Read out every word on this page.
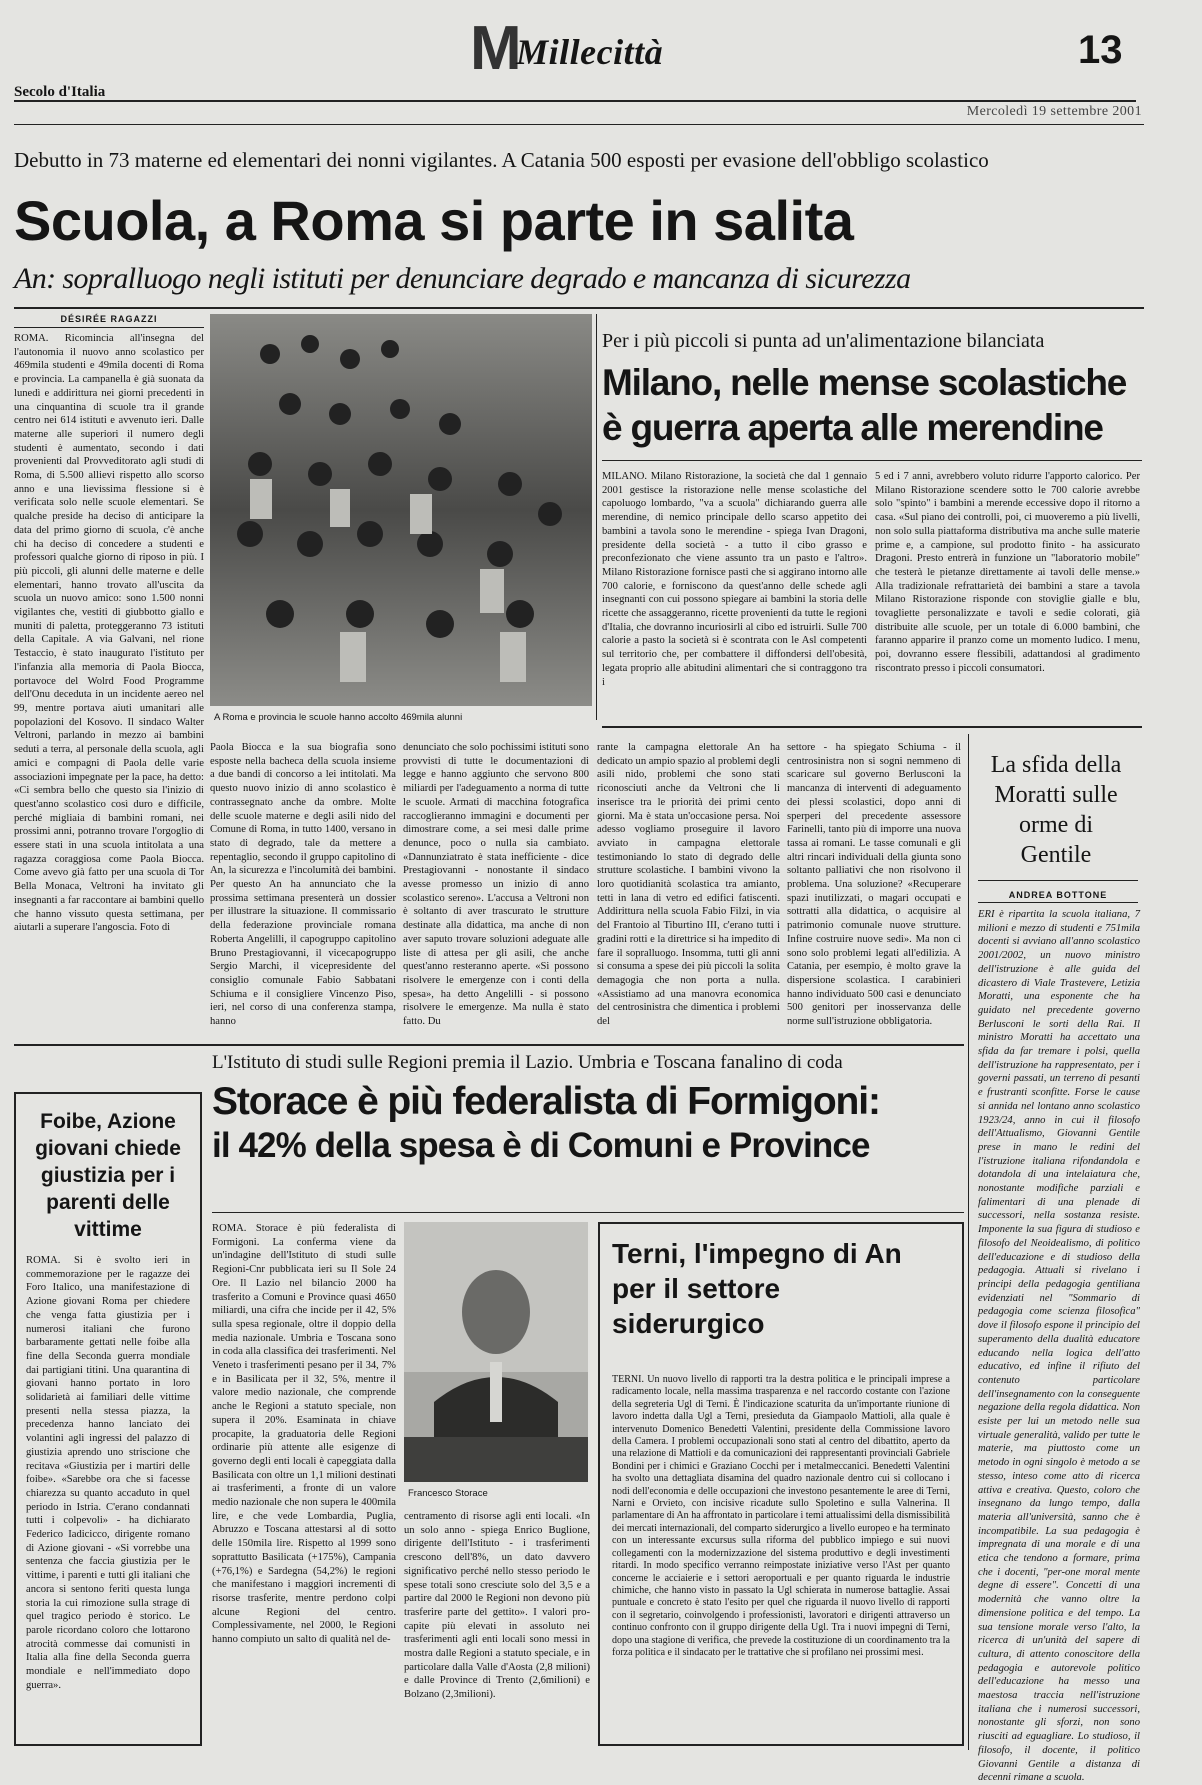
MMillecittà	13
Secolo d'Italia
Mercoledì 19 settembre 2001
Debutto in 73 materne ed elementari dei nonni vigilantes. A Catania 500 esposti per evasione dell'obbligo scolastico
Scuola, a Roma si parte in salita
An: sopralluogo negli istituti per denunciare degrado e mancanza di sicurezza
DÉSIRÉE RAGAZZI
ROMA. Ricomincia all'insegna del l'autonomia il nuovo anno scolastico per 469mila studenti e 49mila docenti di Roma e provincia. La campanella è già suonata da lunedì e addirittura nei giorni precedenti in una cinquantina di scuole tra il grande centro nei 614 istituti e avvenuto ieri. Dalle materne alle superiori il numero degli studenti è aumentato, secondo i dati provenienti dal Provveditorato agli studi di Roma, di 5.500 allievi rispetto allo scorso anno e una lievissima flessione si è verificata solo nelle scuole elementari. Se qualche preside ha deciso di anticipare la data del primo giorno di scuola, c'è anche chi ha deciso di concedere a studenti e professori qualche giorno di riposo in più. I più piccoli, gli alunni delle materne e delle elementari, hanno trovato all'uscita da scuola un nuovo amico: sono 1.500 nonni vigilantes che, vestiti di giubbotto giallo e muniti di paletta, proteggeranno 73 istituti della Capitale. A via Galvani, nel rione Testaccio, è stato inaugurato l'istituto per l'infanzia alla memoria di Paola Biocca, portavoce del Wolrd Food Programme dell'Onu deceduta in un incidente aereo nel 99, mentre portava aiuti umanitari alle popolazioni del Kosovo. Il sindaco Walter Veltroni, parlando in mezzo ai bambini seduti a terra, al personale della scuola, agli amici e compagni di Paola delle varie associazioni impegnate per la pace, ha detto: «Ci sembra bello che questo sia l'inizio di quest'anno scolastico così duro e difficile, perché migliaia di bambini romani, nei prossimi anni, potranno trovare l'orgoglio di essere stati in una scuola intitolata a una ragazza coraggiosa come Paola Biocca. Come avevo già fatto per una scuola di Tor Bella Monaca, Veltroni ha invitato gli insegnanti a far raccontare ai bambini quello che hanno vissuto questa settimana, per aiutarli a superare l'angoscia. Foto di
A Roma e provincia le scuole hanno accolto 469mila alunni
Paola Biocca e la sua biografia sono esposte nella bacheca della scuola insieme a due bandi di concorso a lei intitolati. Ma questo nuovo inizio di anno scolastico è contrassegnato anche da ombre. Molte delle scuole materne e degli asili nido del Comune di Roma, in tutto 1400, versano in stato di degrado, tale da mettere a repentaglio, secondo il gruppo capitolino di An, la sicurezza e l'incolumità dei bambini. Per questo An ha annunciato che la prossima settimana presenterà un dossier per illustrare la situazione. Il commissario della federazione provinciale romana Roberta Angelilli, il capogruppo capitolino Bruno Prestagiovanni, il vicecapogruppo Sergio Marchi, il vicepresidente del consiglio comunale Fabio Sabbatani Schiuma e il consigliere Vincenzo Piso, ieri, nel corso di una conferenza stampa, hanno
denunciato che solo pochissimi istituti sono provvisti di tutte le documentazioni di legge e hanno aggiunto che servono 800 miliardi per l'adeguamento a norma di tutte le scuole. Armati di macchina fotografica raccoglieranno immagini e documenti per dimostrare come, a sei mesi dalle prime denunce, poco o nulla sia cambiato. «Dannunziatrato è stata inefficiente - dice Prestagiovanni - nonostante il sindaco avesse promesso un inizio di anno scolastico sereno». L'accusa a Veltroni non è soltanto di aver trascurato le strutture destinate alla didattica, ma anche di non aver saputo trovare soluzioni adeguate alle liste di attesa per gli asili, che anche quest'anno resteranno aperte. «Si possono risolvere le emergenze con i conti della spesa», ha detto Angelilli - si possono risolvere le emergenze. Ma nulla è stato fatto. Du
rante la campagna elettorale An ha dedicato un ampio spazio al problemi degli asili nido, problemi che sono stati riconosciuti anche da Veltroni che li inserisce tra le priorità dei primi cento giorni. Ma è stata un'occasione persa. Noi adesso vogliamo proseguire il lavoro avviato in campagna elettorale testimoniando lo stato di degrado delle strutture scolastiche. I bambini vivono la loro quotidianità scolastica tra amianto, tetti in lana di vetro ed edifici fatiscenti. Addirittura nella scuola Fabio Filzi, in via del Frantoio al Tiburtino III, c'erano tutti i gradini rotti e la direttrice si ha impedito di fare il sopralluogo. Insomma, tutti gli anni si consuma a spese dei più piccoli la solita demagogia che non porta a nulla. «Assistiamo ad una manovra economica del centrosinistra che dimentica i problemi del
settore - ha spiegato Schiuma - il centrosinistra non si sogni nemmeno di scaricare sul governo Berlusconi la mancanza di interventi di adeguamento dei plessi scolastici, dopo anni di sperperi del precedente assessore Farinelli, tanto più di imporre una nuova tassa ai romani. Le tasse comunali e gli altri rincari individuali della giunta sono soltanto palliativi che non risolvono il problema. Una soluzione? «Recuperare spazi inutilizzati, o magari occupati e sottratti alla didattica, o acquisire al patrimonio comunale nuove strutture. Infine costruire nuove sedi». Ma non ci sono solo problemi legati all'edilizia. A Catania, per esempio, è molto grave la dispersione scolastica. I carabinieri hanno individuato 500 casi e denunciato 500 genitori per inosservanza delle norme sull'istruzione obbligatoria.
Per i più piccoli si punta ad un'alimentazione bilanciata
Milano, nelle mense scolastiche è guerra aperta alle merendine
MILANO. Milano Ristorazione, la società che dal 1 gennaio 2001 gestisce la ristorazione nelle mense scolastiche del capoluogo lombardo, "va a scuola" dichiarando guerra alle merendine, di nemico principale dello scarso appetito dei bambini a tavola sono le merendine - spiega Ivan Dragoni, presidente della società - a tutto il cibo grasso e preconfezionato che viene assunto tra un pasto e l'altro». Milano Ristorazione fornisce pasti che si aggirano intorno alle 700 calorie, e forniscono da quest'anno delle schede agli insegnanti con cui possono spiegare ai bambini la storia delle ricette che assaggeranno, ricette provenienti da tutte le regioni d'Italia, che dovranno incuriosirli al cibo ed istruirli. Sulle 700 calorie a pasto la società si è scontrata con le Asl competenti sul territorio che, per combattere il diffondersi dell'obesità, legata proprio alle abitudini alimentari che si contraggono tra i
5 ed i 7 anni, avrebbero voluto ridurre l'apporto calorico. Per Milano Ristorazione scendere sotto le 700 calorie avrebbe solo "spinto" i bambini a merende eccessive dopo il ritorno a casa. «Sul piano dei controlli, poi, ci muoveremo a più livelli, non solo sulla piattaforma distributiva ma anche sulle materie prime e, a campione, sul prodotto finito - ha assicurato Dragoni. Presto entrerà in funzione un "laboratorio mobile" che testerà le pietanze direttamente ai tavoli delle mense.» Alla tradizionale refrattarietà dei bambini a stare a tavola Milano Ristorazione risponde con stoviglie gialle e blu, tovagliette personalizzate e tavoli e sedie colorati, già distribuite alle scuole, per un totale di 6.000 bambini, che faranno apparire il pranzo come un momento ludico. I menu, poi, dovranno essere flessibili, adattandosi al gradimento riscontrato presso i piccoli consumatori.
La sfida della Moratti sulle orme di Gentile
ANDREA BOTTONE
ERI è ripartita la scuola italiana, 7 milioni e mezzo di studenti e 751mila docenti si avviano all'anno scolastico 2001/2002, un nuovo ministro dell'istruzione è alle guida del dicastero di Viale Trastevere, Letizia Moratti, una esponente che ha guidato nel precedente governo Berlusconi le sorti della Rai. Il ministro Moratti ha accettato una sfida da far tremare i polsi, quella dell'istruzione ha rappresentato, per i governi passati, un terreno di pesanti e frustranti sconfitte. Forse le cause si annida nel lontano anno scolastico 1923/24, anno in cui il filosofo dell'Attualismo, Giovanni Gentile prese in mano le redini del l'istruzione italiana rifondandola e dotandola di una intelaiatura che, nonostante modifiche parziali e falimentari di una plenade di successori, nella sostanza resiste. Imponente la sua figura di studioso e filosofo del Neoidealismo, di politico dell'educazione e di studioso della pedagogia. Attuali si rivelano i principi della pedagogia gentiliana evidenziati nel "Sommario di pedagogia come scienza filosofica" dove il filosofo espone il principio del superamento della dualità educatore educando nella logica dell'atto educativo, ed infine il rifiuto del contenuto particolare dell'insegnamento con la conseguente negazione della regola didattica. Non esiste per lui un metodo nelle sua virtuale generalità, valido per tutte le materie, ma piuttosto come un metodo in ogni singolo è metodo a se stesso, inteso come atto di ricerca attiva e creativa. Questo, coloro che insegnano da lungo tempo, dalla materia all'università, sanno che è incompatibile. La sua pedagogia è impregnata di una morale e di una etica che tendono a formare, prima che i docenti, "per-one moral mente degne di essere". Concetti di una modernità che vanno oltre la dimensione politica e del tempo. La sua tensione morale verso l'alto, la ricerca di un'unità del sapere di cultura, di attento conoscitore della pedagogia e autorevole politico dell'educazione ha messo una maestosa traccia nell'istruzione italiana che i numerosi successori, nonostante gli sforzi, non sono riusciti ad eguagliare. Lo studioso, il filosofo, il docente, il politico Giovanni Gentile a distanza di decenni rimane a scuola.
Foibe, Azione giovani chiede giustizia per i parenti delle vittime
ROMA. Si è svolto ieri in commemorazione per le ragazze dei Foro Italico, una manifestazione di Azione giovani Roma per chiedere che venga fatta giustizia per i numerosi italiani che furono barbaramente gettati nelle foibe alla fine della Seconda guerra mondiale dai partigiani titini. Una quarantina di giovani hanno portato in loro solidarietà ai familiari delle vittime presenti nella stessa piazza, la precedenza hanno lanciato dei volantini agli ingressi del palazzo di giustizia aprendo uno striscione che recitava «Giustizia per i martiri delle foibe». «Sarebbe ora che si facesse chiarezza su quanto accaduto in quel periodo in Istria. C'erano condannati tutti i colpevoli» - ha dichiarato Federico Iadicicco, dirigente romano di Azione giovani - «Si vorrebbe una sentenza che faccia giustizia per le vittime, i parenti e tutti gli italiani che ancora si sentono feriti questa lunga storia la cui rimozione sulla strage di quel tragico periodo è storico. Le parole ricordano coloro che lottarono atrocità commesse dai comunisti in Italia alla fine della Seconda guerra mondiale e nell'immediato dopo guerra».
L'Istituto di studi sulle Regioni premia il Lazio. Umbria e Toscana fanalino di coda
Storace è più federalista di Formigoni:
il 42% della spesa è di Comuni e Province
ROMA. Storace è più federalista di Formigoni. La conferma viene da un'indagine dell'Istituto di studi sulle Regioni-Cnr pubblicata ieri su Il Sole 24 Ore. Il Lazio nel bilancio 2000 ha trasferito a Comuni e Province quasi 4650 miliardi, una cifra che incide per il 42, 5% sulla spesa regionale, oltre il doppio della media nazionale. Umbria e Toscana sono in coda alla classifica dei trasferimenti. Nel Veneto i trasferimenti pesano per il 34, 7% e in Basilicata per il 32, 5%, mentre il valore medio nazionale, che comprende anche le Regioni a statuto speciale, non supera il 20%. Esaminata in chiave procapite, la graduatoria delle Regioni ordinarie più attente alle esigenze di governo degli enti locali è capeggiata dalla Basilicata con oltre un 1,1 milioni destinati ai trasferimenti, a fronte di un valore medio nazionale che non supera le 400mila lire, e che vede Lombardia, Puglia, Abruzzo e Toscana attestarsi al di sotto delle 150mila lire. Rispetto al 1999 sono soprattutto Basilicata (+175%), Campania (+76,1%) e Sardegna (54,2%) le regioni che manifestano i maggiori incrementi di risorse trasferite, mentre perdono colpi alcune Regioni del centro. Complessivamente, nel 2000, le Regioni hanno compiuto un salto di qualità nel de-
Francesco Storace
centramento di risorse agli enti locali. «In un solo anno - spiega Enrico Buglione, dirigente dell'Istituto - i trasferimenti crescono dell'8%, un dato davvero significativo perché nello stesso periodo le spese totali sono cresciute solo del 3,5 e a partire dal 2000 le Regioni non devono più trasferire parte del gettito». I valori pro-capite più elevati in assoluto nei trasferimenti agli enti locali sono messi in mostra dalle Regioni a statuto speciale, e in particolare dalla Valle d'Aosta (2,8 milioni) e dalle Province di Trento (2,6milioni) e Bolzano (2,3milioni).
Terni, l'impegno di An per il settore siderurgico
TERNI. Un nuovo livello di rapporti tra la destra politica e le principali imprese a radicamento locale, nella massima trasparenza e nel raccordo costante con l'azione della segreteria Ugl di Terni. È l'indicazione scaturita da un'importante riunione di lavoro indetta dalla Ugl a Terni, presieduta da Giampaolo Mattioli, alla quale è intervenuto Domenico Benedetti Valentini, presidente della Commissione lavoro della Camera. I problemi occupazionali sono stati al centro del dibattito, aperto da una relazione di Mattioli e da comunicazioni dei rappresentanti provinciali Gabriele Bondini per i chimici e Graziano Cocchi per i metalmeccanici. Benedetti Valentini ha svolto una dettagliata disamina del quadro nazionale dentro cui si collocano i nodi dell'economia e delle occupazioni che investono pesantemente le aree di Terni, Narni e Orvieto, con incisive ricadute sullo Spoletino e sulla Valnerina. Il parlamentare di An ha affrontato in particolare i temi attualissimi della dismissibilità dei mercati internazionali, del comparto siderurgico a livello europeo e ha terminato con un interessante excursus sulla riforma del pubblico impiego e sui nuovi collegamenti con la modernizzazione del sistema produttivo e degli investimenti ritardi. In modo specifico verranno reimpostate iniziative verso l'Ast per quanto concerne le acciaierie e i settori aeroportuali e per quanto riguarda le industrie chimiche, che hanno visto in passato la Ugl schierata in numerose battaglie. Assai puntuale e concreto è stato l'esito per quel che riguarda il nuovo livello di rapporti con il segretario, coinvolgendo i professionisti, lavoratori e dirigenti attraverso un continuo confronto con il gruppo dirigente della Ugl. Tra i nuovi impegni di Terni, dopo una stagione di verifica, che prevede la costituzione di un coordinamento tra la forza politica e il sindacato per le trattative che si profilano nei prossimi mesi.
